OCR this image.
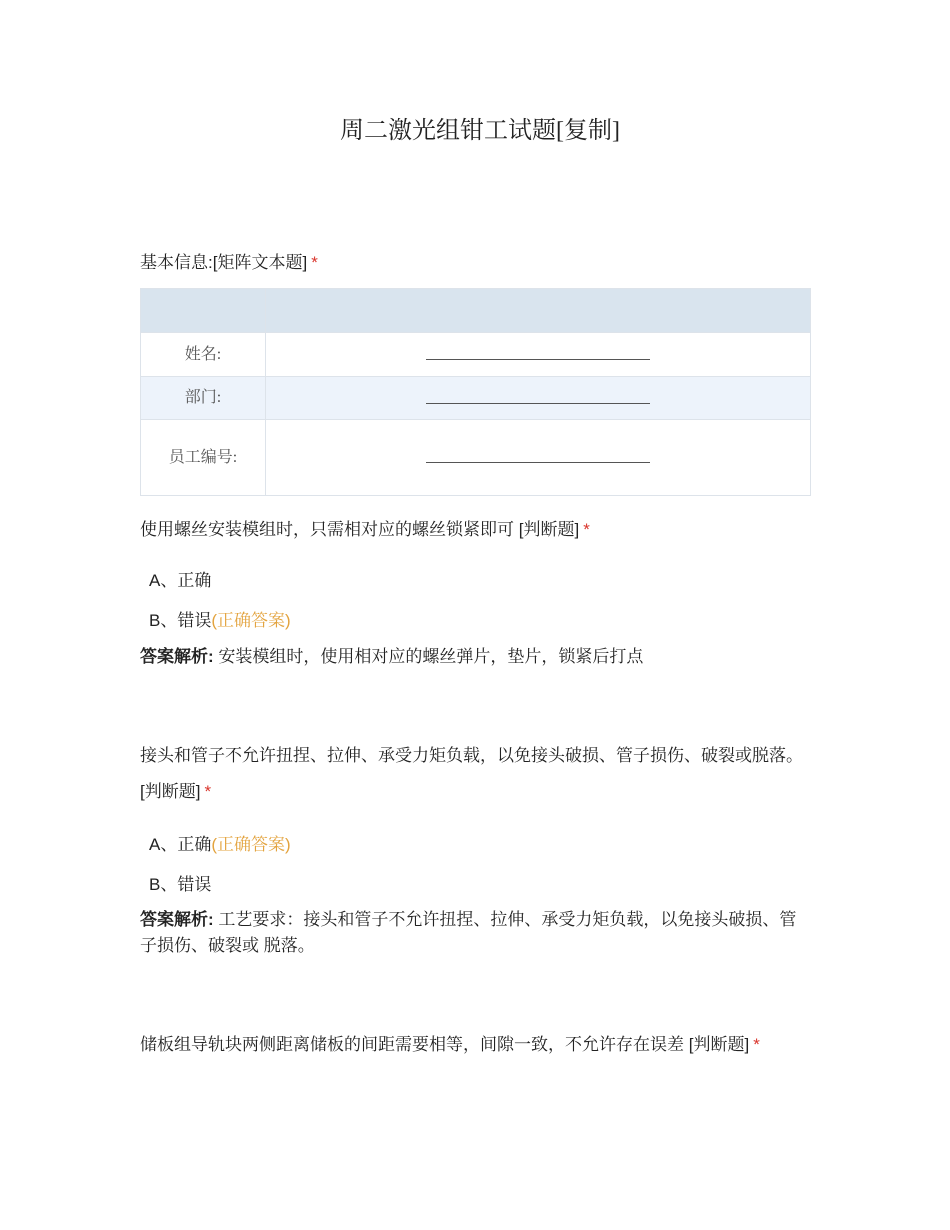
周二激光组钳工试题[复制]
基本信息:[矩阵文本题] *

姓名:	
部门:	
员工编号:	
使用螺丝安装模组时，只需相对应的螺丝锁紧即可 [判断题] *
A、正确
B、错误(正确答案)
答案解析: 安装模组时，使用相对应的螺丝弹片，垫片，锁紧后打点
接头和管子不允许扭捏、拉伸、承受力矩负载，以免接头破损、管子损伤、破裂或脱落。 [判断题] *
A、正确(正确答案)
B、错误
答案解析: 工艺要求：接头和管子不允许扭捏、拉伸、承受力矩负载，以免接头破损、管子损伤、破裂或 脱落。
储板组导轨块两侧距离储板的间距需要相等，间隙一致，不允许存在误差 [判断题] *
